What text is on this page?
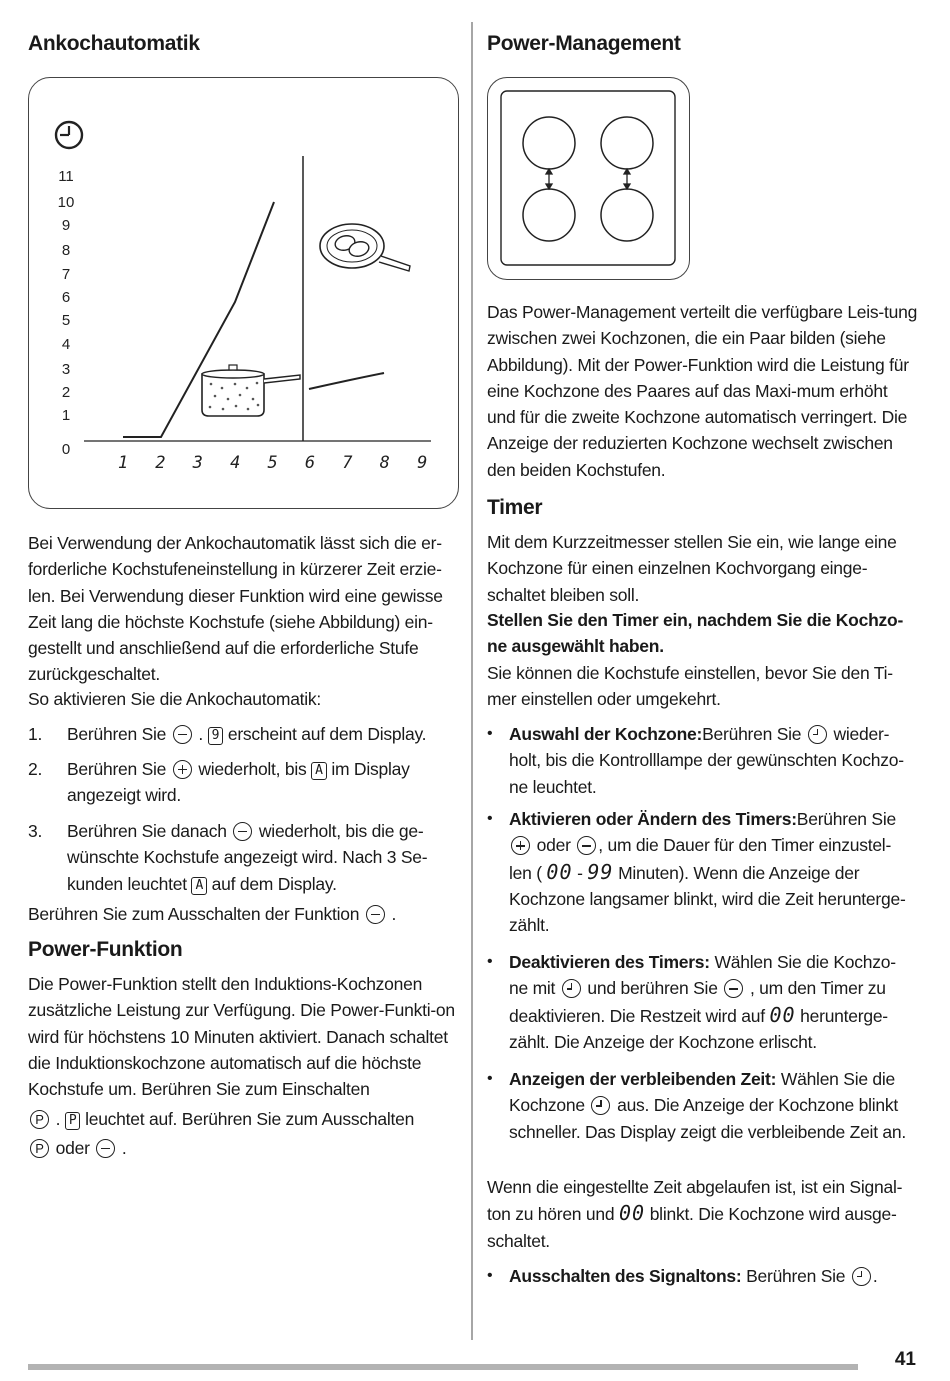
Ankochautomatik
11
10
9
8
7
6
5
4
3
2
1
0
1 2 3 4 5 6 7 8 9
Bei Verwendung der Ankochautomatik lässt sich die er-forderliche Kochstufeneinstellung in kürzerer Zeit erzie-len. Bei Verwendung dieser Funktion wird eine gewisse Zeit lang die höchste Kochstufe (siehe Abbildung) ein-gestellt und anschließend auf die erforderliche Stufe zurückgeschaltet.
So aktivieren Sie die Ankochautomatik:
1. Berühren Sie . 9 erscheint auf dem Display.
2. Berühren Sie wiederholt, bis A im Display
angezeigt wird.
3. Berühren Sie danach wiederholt, bis die ge-
wünschte Kochstufe angezeigt wird. Nach 3 Se-
kunden leuchtet A auf dem Display.
Berühren Sie zum Ausschalten der Funktion .
Power-Funktion
Die Power-Funktion stellt den Induktions-Kochzonen zusätzliche Leistung zur Verfügung. Die Power-Funkti-on wird für höchstens 10 Minuten aktiviert. Danach schaltet die Induktionskochzone automatisch auf die höchste Kochstufe um. Berühren Sie zum Einschalten
P . P leuchtet auf. Berühren Sie zum Ausschalten
P oder .
Power-Management
Das Power-Management verteilt die verfügbare Leis-tung zwischen zwei Kochzonen, die ein Paar bilden (siehe Abbildung). Mit der Power-Funktion wird die Leistung für eine Kochzone des Paares auf das Maxi-mum erhöht und für die zweite Kochzone automatisch verringert. Die Anzeige der reduzierten Kochzone wechselt zwischen den beiden Kochstufen.
Timer
Mit dem Kurzzeitmesser stellen Sie ein, wie lange eine Kochzone für einen einzelnen Kochvorgang einge-schaltet bleiben soll.
Stellen Sie den Timer ein, nachdem Sie die Kochzo-ne ausgewählt haben.
Sie können die Kochstufe einstellen, bevor Sie den Ti-mer einstellen oder umgekehrt.
• Auswahl der Kochzone:Berühren Sie wieder- holt, bis die Kontrolllampe der gewünschten Kochzo-ne leuchtet.
• Aktivieren oder Ändern des Timers:Berühren Sie
oder , um die Dauer für den Timer einzustel-
len ( 00 - 99 Minuten). Wenn die Anzeige der
Kochzone langsamer blinkt, wird die Zeit herunterge-zählt.
• Deaktivieren des Timers: Wählen Sie die Kochzo-
ne mit und berühren Sie , um den Timer zu
deaktivieren. Die Restzeit wird auf 00 herunterge-
zählt. Die Anzeige der Kochzone erlischt.
• Anzeigen der verbleibenden Zeit: Wählen Sie die
Kochzone aus. Die Anzeige der Kochzone blinkt schneller. Das Display zeigt die verbleibende Zeit an.
Wenn die eingestellte Zeit abgelaufen ist, ist ein Signal-
ton zu hören und 00 blinkt. Die Kochzone wird ausge-
schaltet.
• Ausschalten des Signaltons: Berühren Sie .
41
